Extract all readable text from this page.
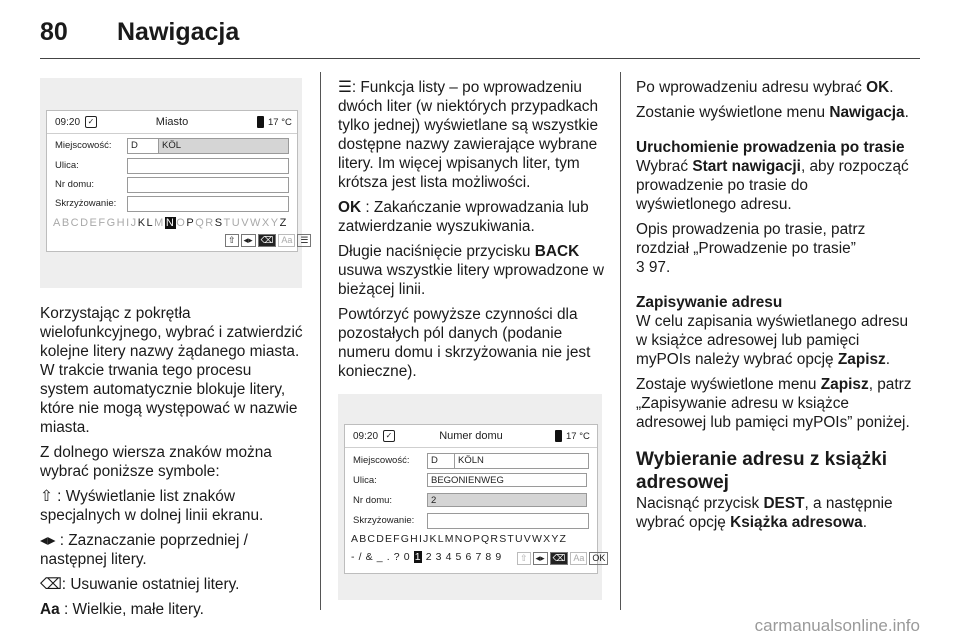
80 Nawigacja
09:20 ✓	Miasto	17 °C
Miejscowość:	D	KÖL
Ulica:
Nr domu:
Skrzyżowanie:
ABCDEFGHIJKLMNOPQRSTUVWXYZ
⇧ ◂▸ ⌫ Aa ☰

Korzystając z pokrętła wielofunkcyjnego, wybrać i zatwierdzić kolejne litery nazwy żądanego miasta. W trakcie trwania tego procesu system automatycznie blokuje litery, które nie mogą występować w nazwie miasta.

Z dolnego wiersza znaków można wybrać poniższe symbole:

⇧ : Wyświetlanie list znaków specjalnych w dolnej linii ekranu.

◂▸ : Zaznaczanie poprzedniej / następnej litery.

⌫: Usuwanie ostatniej litery.

Aa : Wielkie, małe litery.

☰: Funkcja listy – po wprowadzeniu dwóch liter (w niektórych przypadkach tylko jednej) wyświetlane są wszystkie dostępne nazwy zawierające wybrane litery. Im więcej wpisanych liter, tym krótsza jest lista możliwości.

OK : Zakańczanie wprowadzania lub zatwierdzanie wyszukiwania.

Długie naciśnięcie przycisku BACK usuwa wszystkie litery wprowadzone w bieżącej linii.

Powtórzyć powyższe czynności dla pozostałych pól danych (podanie numeru domu i skrzyżowania nie jest konieczne).

09:20 ✓	Numer domu	17 °C
Miejscowość:	D	KÖLN
Ulica:	BEGONIENWEG
Nr domu:	2
Skrzyżowanie:
ABCDEFGHIJKLMNOPQRSTUVWXYZ
- / & _ . ? 0 1 2 3 4 5 6 7 8 9	⇧ ◂▸ ⌫ Aa OK

Po wprowadzeniu adresu wybrać OK.

Zostanie wyświetlone menu Nawigacja.

Uruchomienie prowadzenia po trasie

Wybrać Start nawigacji, aby rozpocząć prowadzenie po trasie do wyświetlonego adresu.

Opis prowadzenia po trasie, patrz rozdział „Prowadzenie po trasie”
3 97.

Zapisywanie adresu

W celu zapisania wyświetlanego adresu w książce adresowej lub pamięci myPOIs należy wybrać opcję Zapisz.

Zostaje wyświetlone menu Zapisz, patrz „Zapisywanie adresu w książce adresowej lub pamięci myPOIs” poniżej.

Wybieranie adresu z książki adresowej

Nacisnąć przycisk DEST, a następnie wybrać opcję Książka adresowa.

carmanualsonline.info
